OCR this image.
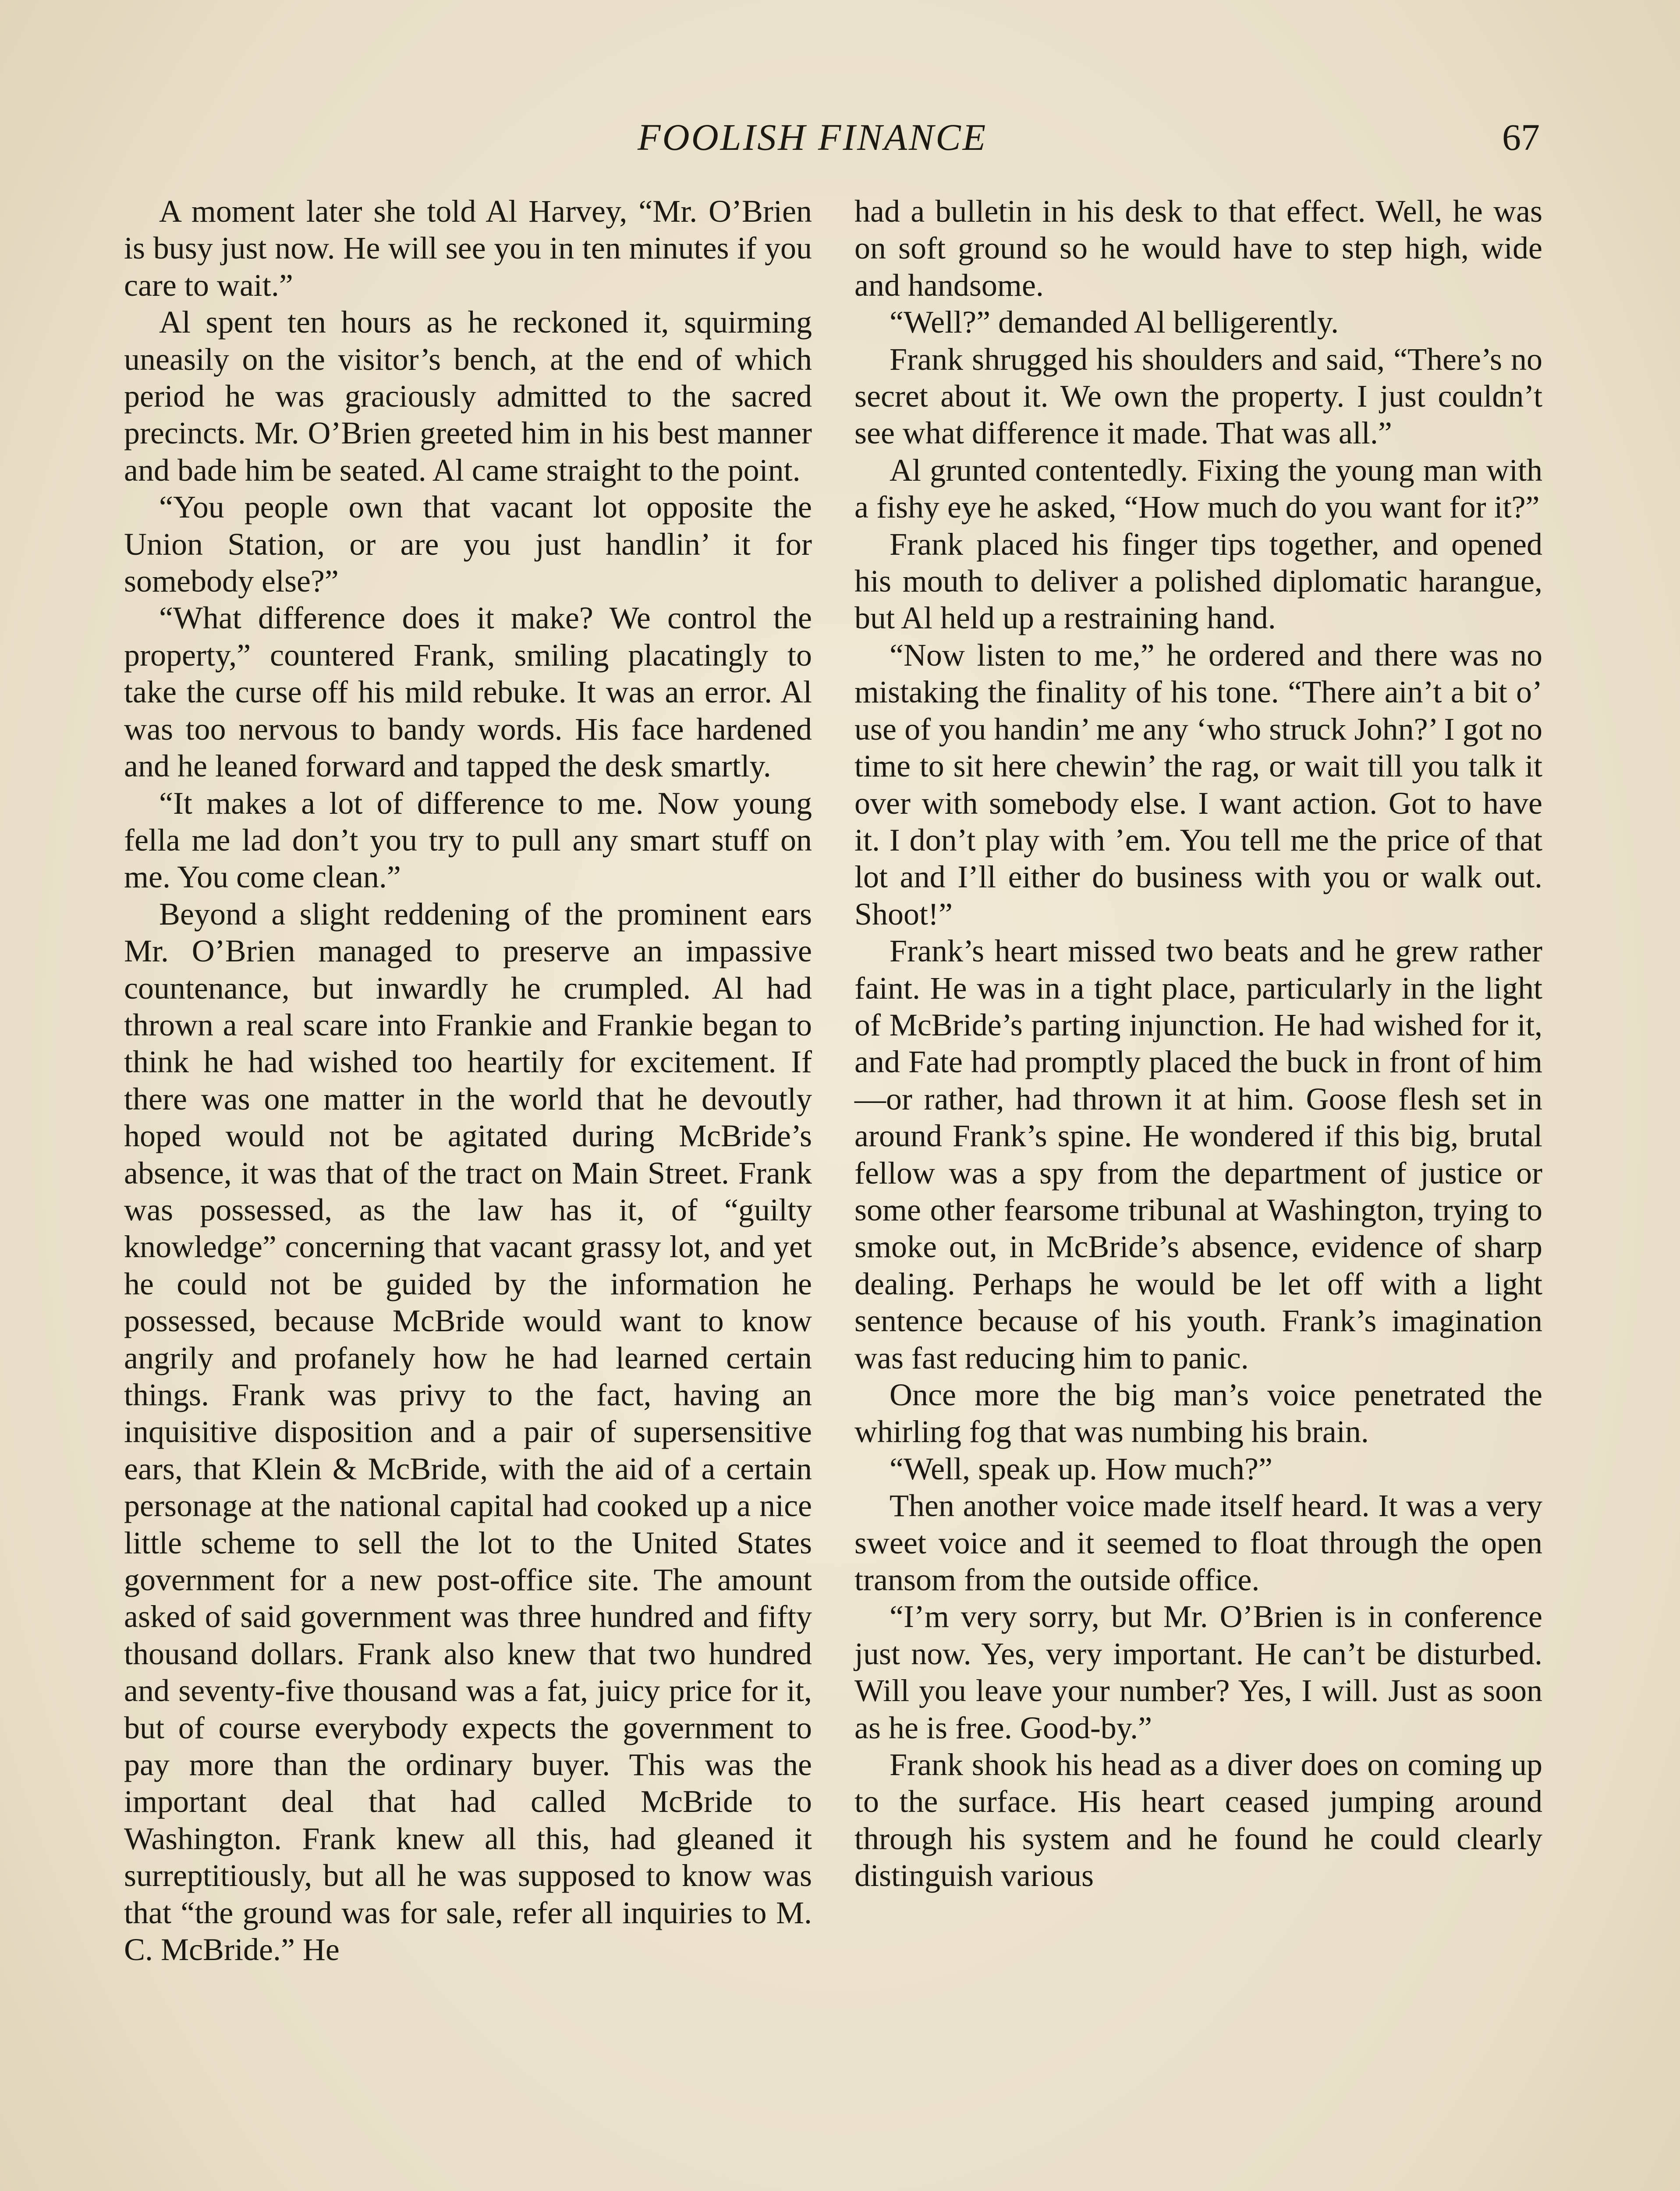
FOOLISH FINANCE	67

A moment later she told Al Harvey, “Mr. O’Brien is busy just now. He will see you in ten minutes if you care to wait.”

Al spent ten hours as he reckoned it, squirming uneasily on the visitor’s bench, at the end of which period he was graciously admitted to the sacred precincts. Mr. O’Brien greeted him in his best manner and bade him be seated. Al came straight to the point.

“You people own that vacant lot opposite the Union Station, or are you just handlin’ it for somebody else?”

“What difference does it make? We control the property,” countered Frank, smiling placatingly to take the curse off his mild rebuke. It was an error. Al was too nervous to bandy words. His face hardened and he leaned forward and tapped the desk smartly.

“It makes a lot of difference to me. Now young fella me lad don’t you try to pull any smart stuff on me. You come clean.”

Beyond a slight reddening of the prominent ears Mr. O’Brien managed to preserve an impassive countenance, but inwardly he crumpled. Al had thrown a real scare into Frankie and Frankie began to think he had wished too heartily for excitement. If there was one matter in the world that he devoutly hoped would not be agitated during McBride’s absence, it was that of the tract on Main Street. Frank was possessed, as the law has it, of “guilty knowledge” concerning that vacant grassy lot, and yet he could not be guided by the information he possessed, because McBride would want to know angrily and profanely how he had learned certain things. Frank was privy to the fact, having an inquisitive disposition and a pair of supersensitive ears, that Klein & McBride, with the aid of a certain personage at the national capital had cooked up a nice little scheme to sell the lot to the United States government for a new post-office site. The amount asked of said government was three hundred and fifty thousand dollars. Frank also knew that two hundred and seventy-five thousand was a fat, juicy price for it, but of course everybody expects the government to pay more than the ordinary buyer. This was the important deal that had called McBride to Washington. Frank knew all this, had gleaned it surreptitiously, but all he was supposed to know was that “the ground was for sale, refer all inquiries to M. C. McBride.” He

had a bulletin in his desk to that effect. Well, he was on soft ground so he would have to step high, wide and handsome.

“Well?” demanded Al belligerently.

Frank shrugged his shoulders and said, “There’s no secret about it. We own the property. I just couldn’t see what difference it made. That was all.”

Al grunted contentedly. Fixing the young man with a fishy eye he asked, “How much do you want for it?”

Frank placed his finger tips together, and opened his mouth to deliver a polished diplomatic harangue, but Al held up a restraining hand.

“Now listen to me,” he ordered and there was no mistaking the finality of his tone. “There ain’t a bit o’ use of you handin’ me any ‘who struck John?’ I got no time to sit here chewin’ the rag, or wait till you talk it over with somebody else. I want action. Got to have it. I don’t play with ’em. You tell me the price of that lot and I’ll either do business with you or walk out. Shoot!”

Frank’s heart missed two beats and he grew rather faint. He was in a tight place, particularly in the light of McBride’s parting injunction. He had wished for it, and Fate had promptly placed the buck in front of him—or rather, had thrown it at him. Goose flesh set in around Frank’s spine. He wondered if this big, brutal fellow was a spy from the department of justice or some other fearsome tribunal at Washington, trying to smoke out, in McBride’s absence, evidence of sharp dealing. Perhaps he would be let off with a light sentence because of his youth. Frank’s imagination was fast reducing him to panic.

Once more the big man’s voice penetrated the whirling fog that was numbing his brain.

“Well, speak up. How much?”

Then another voice made itself heard. It was a very sweet voice and it seemed to float through the open transom from the outside office.

“I’m very sorry, but Mr. O’Brien is in conference just now. Yes, very important. He can’t be disturbed. Will you leave your number? Yes, I will. Just as soon as he is free. Good-by.”

Frank shook his head as a diver does on coming up to the surface. His heart ceased jumping around through his system and he found he could clearly distinguish various
